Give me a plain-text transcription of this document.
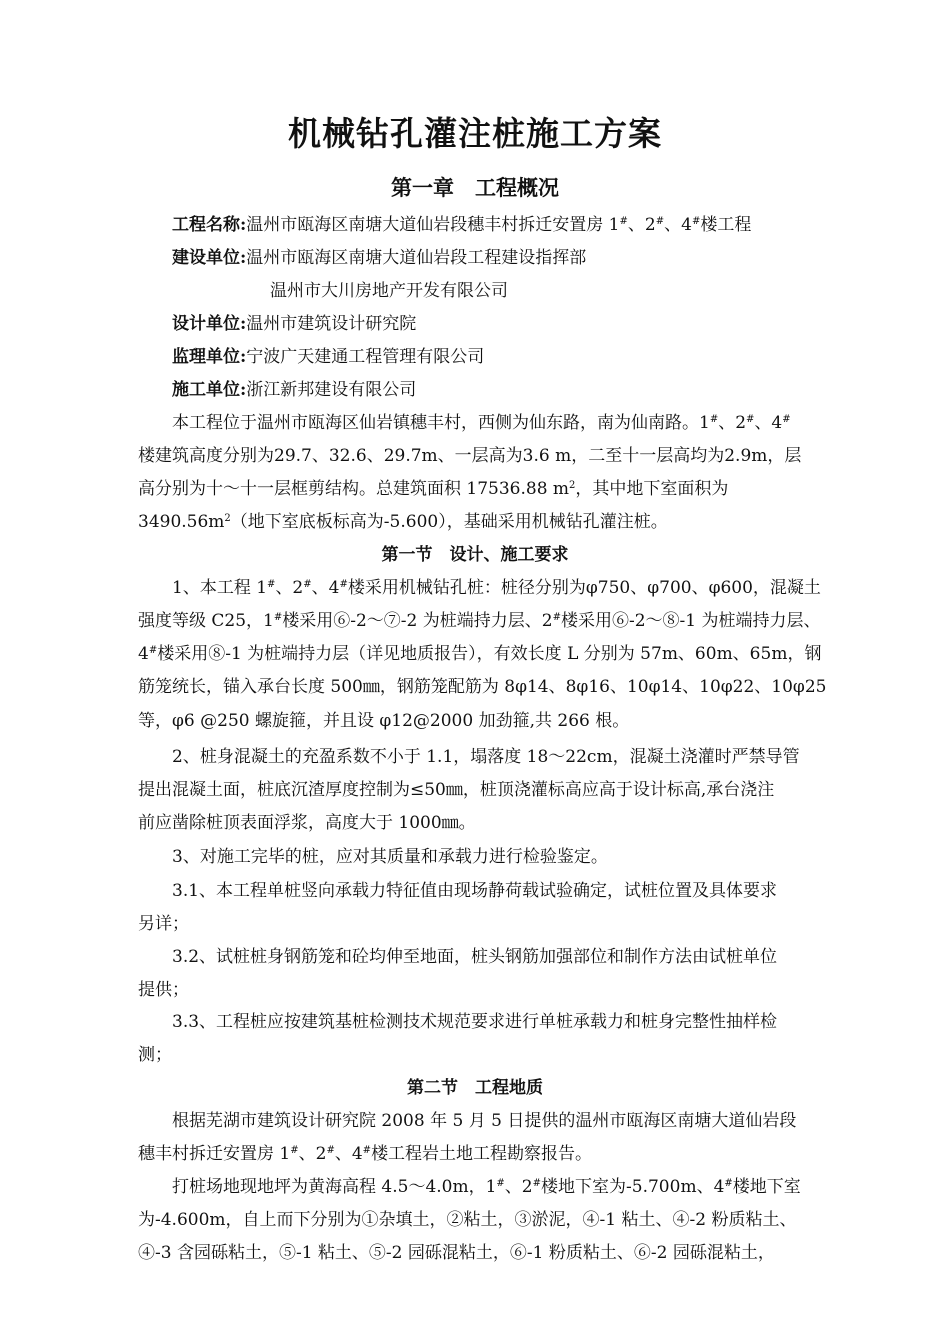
机械钻孔灌注桩施工方案
第一章　工程概况
工程名称:温州市瓯海区南塘大道仙岩段穗丰村拆迁安置房 1#、2#、4#楼工程
建设单位:温州市瓯海区南塘大道仙岩段工程建设指挥部
温州市大川房地产开发有限公司
设计单位:温州市建筑设计研究院
监理单位:宁波广天建通工程管理有限公司
施工单位:浙江新邦建设有限公司
本工程位于温州市瓯海区仙岩镇穗丰村，西侧为仙东路，南为仙南路。1#、2#、4#
楼建筑高度分别为29.7、32.6、29.7m、一层高为3.6 m，二至十一层高均为2.9m，层
高分别为十～十一层框剪结构。总建筑面积 17536.88 $m^2$，其中地下室面积为
$3490.56m^2$（地下室底板标高为-5.600），基础采用机械钻孔灌注桩。
第一节　设计、施工要求
1、本工程 1#、2#、4#楼采用机械钻孔桩：桩径分别为φ750、φ700、φ600，混凝土
强度等级 C25，1#楼采用⑥-2～⑦-2 为桩端持力层、2#楼采用⑥-2～⑧-1 为桩端持力层、
4#楼采用⑧-1 为桩端持力层（详见地质报告），有效长度 L 分别为 57m、60m、65m，钢
筋笼统长，锚入承台长度 500㎜，钢筋笼配筋为 8φ14、8φ16、10φ14、10φ22、10φ25
等，φ6 @250 螺旋箍，并且设 φ12@2000 加劲箍,共 266 根。
2、桩身混凝土的充盈系数不小于 1.1，塌落度 18～22cm，混凝土浇灌时严禁导管
提出混凝土面，桩底沉渣厚度控制为≤50㎜，桩顶浇灌标高应高于设计标高,承台浇注
前应凿除桩顶表面浮浆，高度大于 1000㎜。
3、对施工完毕的桩，应对其质量和承载力进行检验鉴定。
3.1、本工程单桩竖向承载力特征值由现场静荷载试验确定，试桩位置及具体要求
另详；
3.2、试桩桩身钢筋笼和砼均伸至地面，桩头钢筋加强部位和制作方法由试桩单位
提供；
3.3、工程桩应按建筑基桩检测技术规范要求进行单桩承载力和桩身完整性抽样检
测；
第二节　工程地质
根据芜湖市建筑设计研究院 2008 年 5 月 5 日提供的温州市瓯海区南塘大道仙岩段
穗丰村拆迁安置房 1#、2#、4#楼工程岩土地工程勘察报告。
打桩场地现地坪为黄海高程 4.5～4.0m，1#、2#楼地下室为-5.700m、4#楼地下室
为-4.600m，自上而下分别为①杂填土，②粘土，③淤泥，④-1 粘土、④-2 粉质粘土、
④-3 含园砾粘土，⑤-1 粘土、⑤-2 园砾混粘土，⑥-1 粉质粘土、⑥-2 园砾混粘土，
